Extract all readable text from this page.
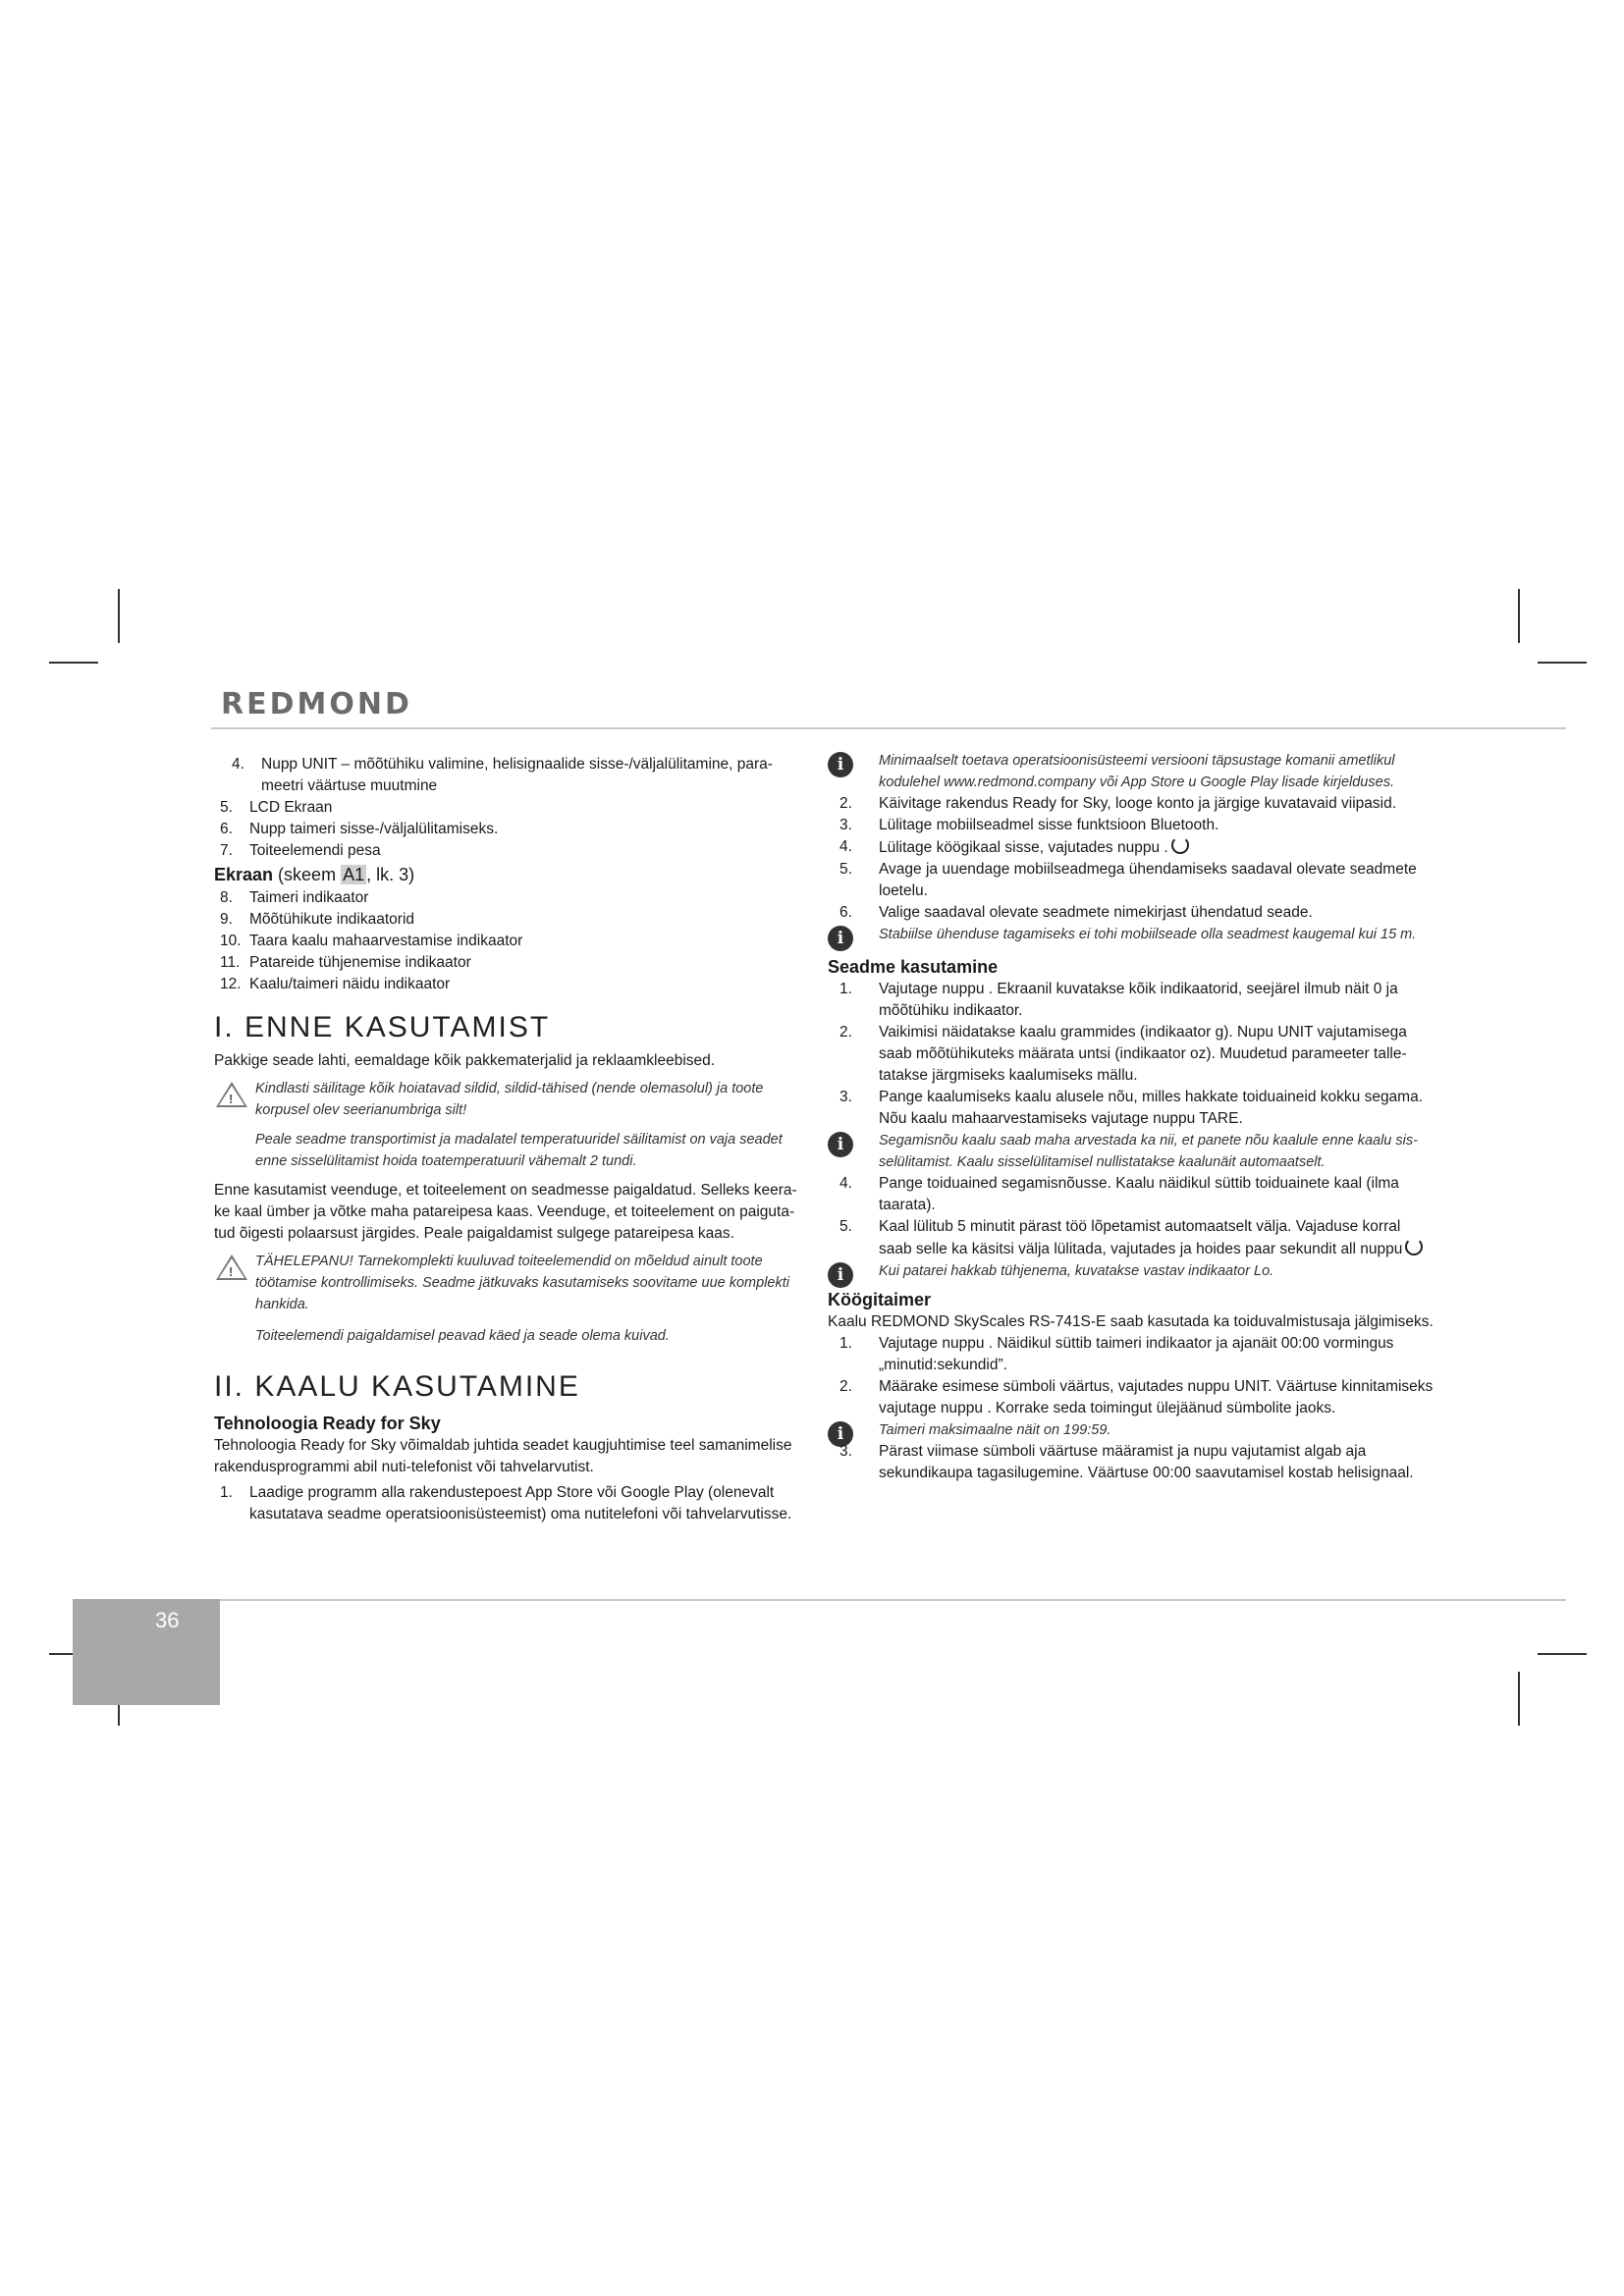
REDMOND
36
4. Nupp UNIT – mõõtühiku valimine, helisignaalide sisse-/väljalülitamine, para-
meetri väärtuse muutmine
5. LCD Ekraan
6. Nupp taimeri sisse-/väljalülitamiseks.
7. Toiteelemendi pesa

Ekraan (skeem A1 , lk. 3)

8. Taimeri indikaator
9. Mõõtühikute indikaatorid
10. Taara kaalu mahaarvestamise indikaator
11. Patareide tühjenemise indikaator
12. Kaalu/taimeri näidu indikaator
I. ENNE KASUTAMIST

Pakkige seade lahti, eemaldage kõik pakkematerjalid ja reklaamkleebised.

!

Kindlasti säilitage kõik hoiatavad sildid, sildid-tähised (nende olemasolul) ja toote korpusel olev seerianumbriga silt!

Peale seadme transportimist ja madalatel temperatuuridel säilitamist on vaja seadet enne sisselülitamist hoida toatemperatuuril vähemalt 2 tundi.

Enne kasutamist veenduge, et toiteelement on seadmesse paigaldatud. Selleks keera-ke kaal ümber ja võtke maha patareipesa kaas. Veenduge, et toiteelement on paiguta-tud õigesti polaarsust järgides. Peale paigaldamist sulgege patareipesa kaas.

!

TÄHELEPANU! Tarnekomplekti kuuluvad toiteelemendid on mõeldud ainult toote töötamise kontrollimiseks. Seadme jätkuvaks kasutamiseks soovitame uue komplekti hankida.

Toiteelemendi paigaldamisel peavad käed ja seade olema kuivad.

II. KAALU KASUTAMINE
Tehnoloogia Ready for Sky

Tehnoloogia Ready for Sky võimaldab juhtida seadet kaugjuhtimise teel samanimelise rakendusprogrammi abil nuti-telefonist või tahvelarvutist.

1. Laadige programm alla rakendustepoest App Store või Google Play (olenevalt kasutatava seadme operatsioonisüsteemist) oma nutitelefoni või tahvelarvutisse.
i	Minimaalselt toetava operatsioonisüsteemi versiooni täpsustage komanii ametlikul kodulehel www.redmond.company või App Store u Google Play lisade kirjelduses.

2. Käivitage rakendus Ready for Sky, looge konto ja järgige kuvatavaid viipasid.
3. Lülitage mobiilseadmel sisse funktsioon Bluetooth.
4. Lülitage köögikaal sisse, vajutades nuppu .
5. Avage ja uuendage mobiilseadmega ühendamiseks saadaval olevate seadmete loetelu.
6. Valige saadaval olevate seadmete nimekirjast ühendatud seade.
i	Stabiilse ühenduse tagamiseks ei tohi mobiilseade olla seadmest kaugemal kui 15 m.

Seadme kasutamine
1. Vajutage nuppu . Ekraanil kuvatakse kõik indikaatorid, seejärel ilmub näit 0 ja mõõtühiku indikaator.
2. Vaikimisi näidatakse kaalu grammides (indikaator g). Nupu UNIT vajutamisega saab mõõtühikuteks määrata untsi (indikaator oz). Muudetud parameeter talle-tatakse järgmiseks kaalumiseks mällu.
3. Pange kaalumiseks kaalu alusele nõu, milles hakkate toiduaineid kokku segama. Nõu kaalu mahaarvestamiseks vajutage nuppu TARE.
i	Segamisnõu kaalu saab maha arvestada ka nii, et panete nõu kaalule enne kaalu sis-selülitamist. Kaalu sisselülitamisel nullistatakse kaalunäit automaatselt.

4. Pange toiduained segamisnõusse. Kaalu näidikul süttib toiduainete kaal (ilma taarata).
5. Kaal lülitub 5 minutit pärast töö lõpetamist automaatselt välja. Vajaduse korral saab selle ka käsitsi välja lülitada, vajutades ja hoides paar sekundit all nuppu
i	Kui patarei hakkab tühjenema, kuvatakse vastav indikaator Lo.

Köögitaimer

Kaalu REDMOND SkyScales RS-741S-E saab kasutada ka toiduvalmistusaja jälgimiseks.

1. Vajutage nuppu . Näidikul süttib taimeri indikaator ja ajanäit 00:00 vormingus „minutid:sekundid”.
2. Määrake esimese sümboli väärtus, vajutades nuppu UNIT. Väärtuse kinnitamiseks vajutage nuppu . Korrake seda toimingut ülejäänud sümbolite jaoks.
i	Taimeri maksimaalne näit on 199:59.

3. Pärast viimase sümboli väärtuse määramist ja nupu vajutamist algab aja sekundikaupa tagasilugemine. Väärtuse 00:00 saavutamisel kostab helisignaal.
